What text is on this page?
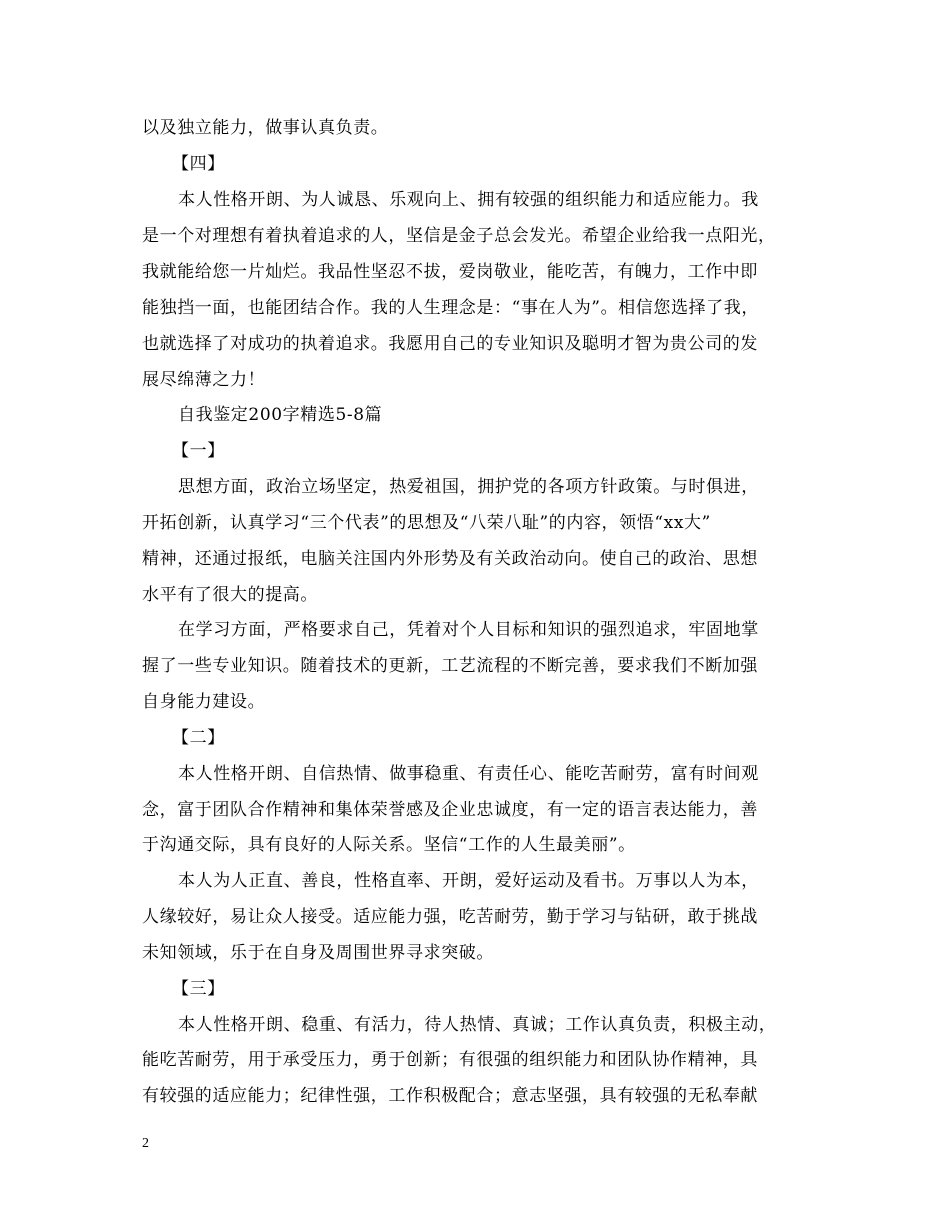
以及独立能力，做事认真负责。
【四】
本人性格开朗、为人诚恳、乐观向上、拥有较强的组织能力和适应能力。我
是一个对理想有着执着追求的人，坚信是金子总会发光。希望企业给我一点阳光，
我就能给您一片灿烂。我品性坚忍不拔，爱岗敬业，能吃苦，有魄力，工作中即
能独挡一面，也能团结合作。我的人生理念是：“事在人为”。相信您选择了我，
也就选择了对成功的执着追求。我愿用自己的专业知识及聪明才智为贵公司的发
展尽绵薄之力！
自我鉴定200字精选5-8篇
【一】
思想方面，政治立场坚定，热爱祖国，拥护党的各项方针政策。与时俱进，
开拓创新，认真学习“三个代表”的思想及“八荣八耻”的内容，领悟“xx大”
精神，还通过报纸，电脑关注国内外形势及有关政治动向。使自己的政治、思想
水平有了很大的提高。
在学习方面，严格要求自己，凭着对个人目标和知识的强烈追求，牢固地掌
握了一些专业知识。随着技术的更新，工艺流程的不断完善，要求我们不断加强
自身能力建设。
【二】
本人性格开朗、自信热情、做事稳重、有责任心、能吃苦耐劳，富有时间观
念，富于团队合作精神和集体荣誉感及企业忠诚度，有一定的语言表达能力，善
于沟通交际，具有良好的人际关系。坚信“工作的人生最美丽”。
本人为人正直、善良，性格直率、开朗，爱好运动及看书。万事以人为本，
人缘较好，易让众人接受。适应能力强，吃苦耐劳，勤于学习与钻研，敢于挑战
未知领域，乐于在自身及周围世界寻求突破。
【三】
本人性格开朗、稳重、有活力，待人热情、真诚；工作认真负责，积极主动，
能吃苦耐劳，用于承受压力，勇于创新；有很强的组织能力和团队协作精神，具
有较强的适应能力；纪律性强，工作积极配合；意志坚强，具有较强的无私奉献
2
